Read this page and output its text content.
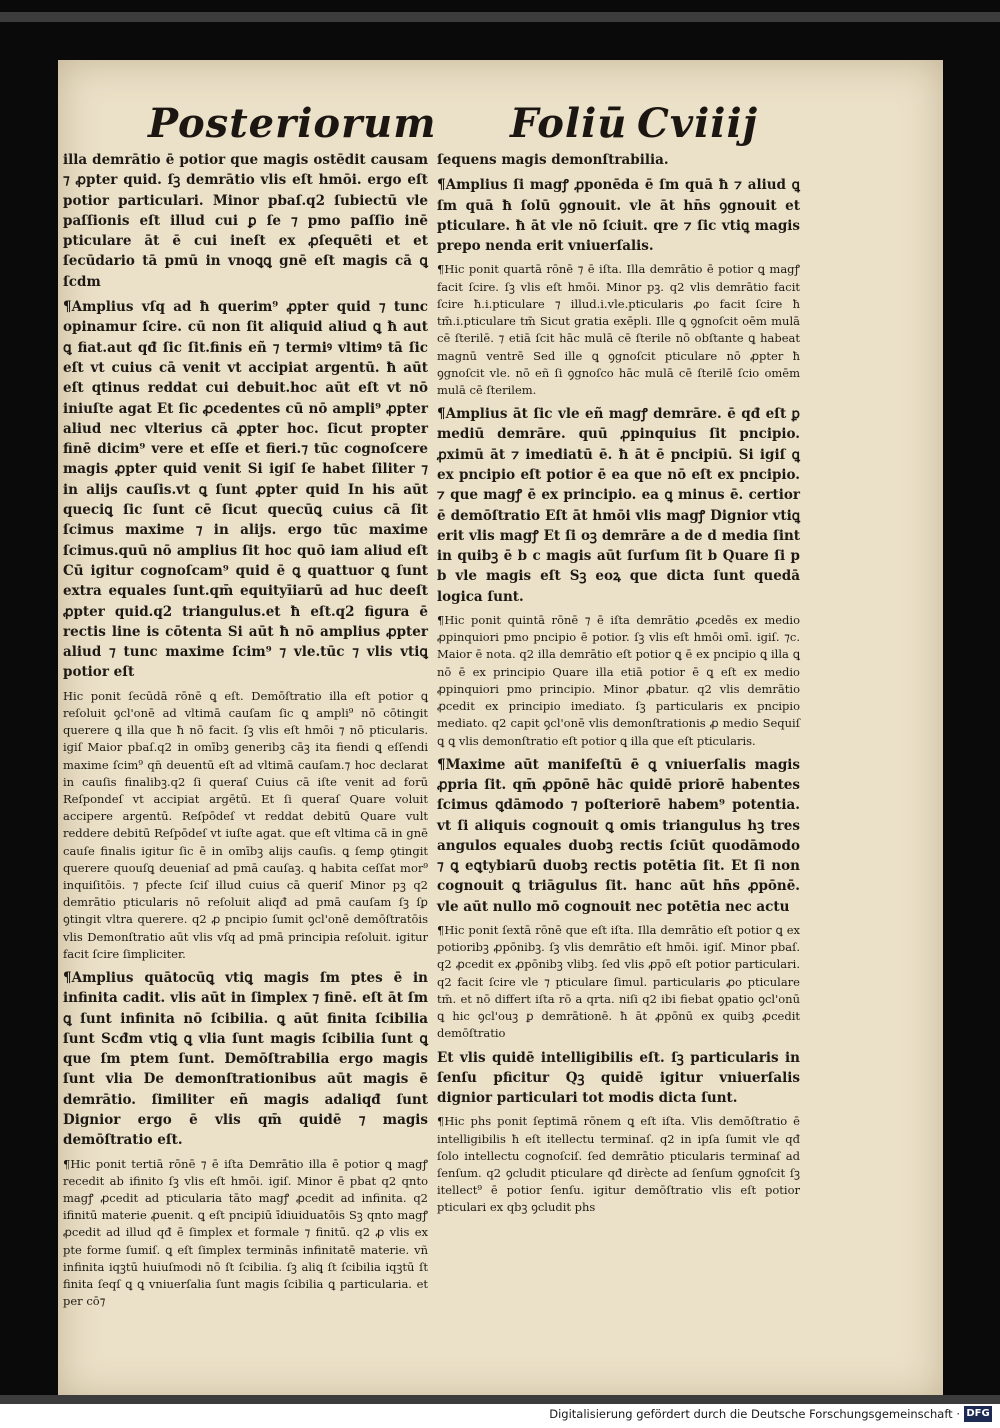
Posteriorum Foliū Cviiij

illa demrātio ē potior que magis ostēdit causam ⁊ ꝓpter quid. ſꝫ demrātio vlis eſt hmōi. ergo eſt potior particulari. Minor pbaſ.q2 ſubiectū vle paſſionis eſt illud cui ꝑ ſe ⁊ pmo paſſio inē pticulare āt ē cui ineſt ex ꝓſequēti et et ſecūdario tā pmū in vnoꝗꝗ gnē eſt magis cā ꝗ ſcdm

¶Amplius vſq ad ħ querim⁹ ꝓpter quid ⁊ tunc opinamur ſcire. cū non ſit aliquid aliud ꝗ ħ aut ꝗ fiat.aut qđ ſic ſit.finis eñ ⁊ termiꝰ vltimꝰ tā ſic eſt vt cuius cā venit vt accipiat argentū. ħ aūt eſt qtinus reddat cui debuit.hoc aūt eſt vt nō iniuſte agat Et ſic ꝓcedentes cū nō ampli⁹ ꝓpter aliud nec vlterius cā ꝓpter hoc. ſicut propter finē dicim⁹ vere et eſſe et fieri.⁊ tūc cognoſcere magis ꝓpter quid venit Si igiſ ſe habet ſiliter ⁊ in alijs cauſis.vt ꝗ ſunt ꝓpter quid In his aūt queciꝗ ſic ſunt cē ſicut quecūꝗ cuius cā ſit ſcimus maxime ⁊ in alijs. ergo tūc maxime ſcimus.quū nō amplius ſit hoc quō iam aliud eſt Cū igitur cognoſcam⁹ quid ē ꝗ quattuor ꝗ ſunt extra equales ſunt.qm̄ equityīiarū ad huc deeſt ꝓpter quid.q2 triangulus.et ħ eſt.q2 figura ē rectis line is cōtenta Si aūt ħ nō amplius ꝓpter aliud ⁊ tunc maxime ſcim⁹ ⁊ vle.tūc ⁊ vlis vtiꝗ potior eſt

Hic ponit ſecūdā rōnē ꝗ eſt. Demōſtratio illa eſt potior ꝗ reſoluit ꝯcl'onē ad vltimā cauſam ſic ꝗ ampli⁹ nō cōtingit querere ꝗ illa que ħ nō facit. ſꝫ vlis eſt hmōi ⁊ nō pticularis. igiſ Maior pbaſ.q2 in omībꝫ generibꝫ cāꝫ ita fiendi ꝗ eſſendi maxime ſcim⁹ qn̄ deuentū eſt ad vltimā cauſam.⁊ hoc declarat in cauſis finalibꝫ.q2 ſi queraſ Cuius cā iſte venit ad forū Reſpondeſ vt accipiat argētū. Et ſi queraſ Quare voluit accipere argentū. Reſpōdeſ vt reddat debitū Quare vult reddere debitū Reſpōdeſ vt iuſte agat. que eſt vltima cā in gnē cauſe finalis igitur ſic ē in omībꝫ alijs cauſis. ꝗ ſemꝑ ꝯtingit querere quouſꝗ deueniaſ ad pmā cauſaꝫ. ꝗ habita ceſſat mor⁹ inquiſitōis. ⁊ pfecte ſciſ illud cuius cā queriſ Minor pꝫ q2 demrātio pticularis nō reſoluit aliqđ ad pmā cauſam ſꝫ ſꝑ ꝯtingit vltra querere. q2 ꝓ pncipio ſumit ꝯcl'onē demōſtratōis vlis Demonſtratio aūt vlis vſq ad pmā principia reſoluit. igitur facit ſcire ſimpliciter.

¶Amplius quātocūꝗ vtiꝗ magis ſm ptes ē in infinita cadit. vlis aūt in ſimplex ⁊ finē. eſt āt ſm ꝗ ſunt infinita nō ſcibilia. ꝗ aūt finita ſcibilia ſunt Scđm vtiꝗ ꝗ vlia ſunt magis ſcibilia ſunt ꝗ que ſm ptem ſunt. Demōſtrabilia ergo magis ſunt vlia De demonſtrationibus aūt magis ē demrātio. ſimiliter eñ magis adaliqđ ſunt Dignior ergo ē vlis qm̄ quidē ⁊ magis demōſtratio eſt.

¶Hic ponit tertiā rōnē ⁊ ē iſta Demrātio illa ē potior ꝗ magꝭ recedit ab ifinito ſꝫ vlis eſt hmōi. igiſ. Minor ē pbat q2 qnto magꝭ ꝓcedit ad pticularia tāto magꝭ ꝓcedit ad infinita. q2 ifinitū materie ꝓuenit. ꝗ eſt pncipiū īdiuiduatōis Sꝫ qnto magꝭ ꝓcedit ad illud qđ ē ſimplex et formale ⁊ finitū. q2 ꝓ vlis ex pte forme ſumiſ. ꝗ eſt ſimplex terminās infinitatē materie. vñ infinita iqꝫtū huiuſmodi nō ſt ſcibilia. ſꝫ aliꝗ ſt ſcibilia iqꝫtū ſt finita ſeqſ ꝗ ꝗ vniuerſalia ſunt magis ſcibilia ꝗ particularia. et per cō⁊

ſequens magis demonſtrabilia.

¶Amplius ſi magꝭ ꝓponēda ē ſm quā ħ ⁊ aliud ꝗ ſm quā ħ ſolū ꝯgnouit. vle āt hn̄s ꝯgnouit et pticulare. ħ āt vle nō ſciuit. qre ⁊ ſic vtiꝗ magis prepo nenda erit vniuerſalis.

¶Hic ponit quartā rōnē ⁊ ē iſta. Illa demrātio ē potior ꝗ magꝭ facit ſcire. ſꝫ vlis eſt hmōi. Minor pꝫ. q2 vlis demrātio facit ſcire ħ.i.pticulare ⁊ illud.i.vle.pticularis ꝓo facit ſcire ħ tm̄.i.pticulare tm̄ Sicut gratia exēpli. Ille ꝗ ꝯgnoſcit oēm mulā cē ſterilē. ⁊ etiā ſcit hāc mulā cē ſterile nō obſtante ꝗ habeat magnū ventrē Sed ille ꝗ ꝯgnoſcit pticulare nō ꝓpter ħ ꝯgnoſcit vle. nō eñ ſi ꝯgnoſco hāc mulā cē ſterilē ſcio omēm mulā cē ſterilem.

¶Amplius āt ſic vle eñ magꝭ demrāre. ē qđ eſt ꝑ mediū demrāre. quū ꝓpinquius ſit pncipio. ꝓximū āt ⁊ imediatū ē. ħ āt ē pncipiū. Si igiſ ꝗ ex pncipio eſt potior ē ea que nō eſt ex pncipio. ⁊ que magꝭ ē ex principio. ea ꝗ minus ē. certior ē demōſtratio Eſt āt hmōi vlis magꝭ Dignior vtiꝗ erit vlis magꝭ Et ſi oꝫ demrāre a de d media ſint in quibꝫ ē b c magis aūt ſurſum ſit b Quare ſi p b vle magis eſt Sꝫ eoꝝ que dicta ſunt quedā logica ſunt.

¶Hic ponit quintā rōnē ⁊ ē iſta demrātio ꝓcedēs ex medio ꝓpinquiori pmo pncipio ē potior. ſꝫ vlis eſt hmōi omī. igiſ. ⁊c. Maior ē nota. q2 illa demrātio eſt potior ꝗ ē ex pncipio ꝗ illa ꝗ nō ē ex principio Quare illa etiā potior ē ꝗ eſt ex medio ꝓpinquiori pmo principio. Minor ꝓbatur. q2 vlis demrātio ꝓcedit ex principio imediato. ſꝫ particularis ex pncipio mediato. q2 capit ꝯcl'onē vlis demonſtrationis ꝓ medio Sequiſ ꝗ ꝗ vlis demonſtratio eſt potior ꝗ illa que eſt pticularis.

¶Maxime aūt manifeſtū ē ꝗ vniuerſalis magis ꝓpria ſit. qm̄ ꝓpōnē hāc quidē priorē habentes ſcimus ꝗdāmodo ⁊ poſteriorē habem⁹ potentia. vt ſi aliquis cognouit ꝗ omis triangulus hꝫ tres angulos equales duobꝫ rectis ſciūt quodāmodo ⁊ ꝗ eꝗtybiarū duobꝫ rectis potētia ſit. Et ſi non cognouit ꝗ triāgulus ſit. hanc aūt hn̄s ꝓpōnē. vle aūt nullo mō cognouit nec potētia nec actu

¶Hic ponit ſextā rōnē que eſt iſta. Illa demrātio eſt potior ꝗ ex potioribꝫ ꝓpōnibꝫ. ſꝫ vlis demrātio eſt hmōi. igiſ. Minor pbaſ. q2 ꝓcedit ex ꝓpōnibꝫ vlibꝫ. ſed vlis ꝓpō eſt potior particulari. q2 facit ſcire vle ⁊ pticulare ſimul. particularis ꝓo pticulare tm̄. et nō differt iſta rō a qrta. niſi q2 ibi fiebat ꝯpatio ꝯcl'onū ꝗ hic ꝯcl'ouꝫ ꝑ demrātionē. ħ āt ꝓpōnū ex quibꝫ ꝓcedit demōſtratio

Et vlis quidē intelligibilis eſt. ſꝫ particularis in ſenſu pficitur Qꝫ quidē igitur vniuerſalis dignior particulari tot modis dicta ſunt.

¶Hic phs ponit ſeptimā rōnem ꝗ eſt iſta. Vlis demōſtratio ē intelligibilis ħ eſt itellectu terminaſ. q2 in ipſa ſumit vle qđ ſolo intellectu cognoſciſ. ſed demrātio pticularis terminaſ ad ſenſum. q2 ꝯcludit pticulare qđ dirècte ad ſenſum ꝯgnoſcit ſꝫ itellect⁹ ē potior ſenſu. igitur demōſtratio vlis eſt potior pticulari ex qbꝫ ꝯcludit phs

Digitalisierung gefördert durch die Deutsche Forschungsgemeinschaft · DFG
